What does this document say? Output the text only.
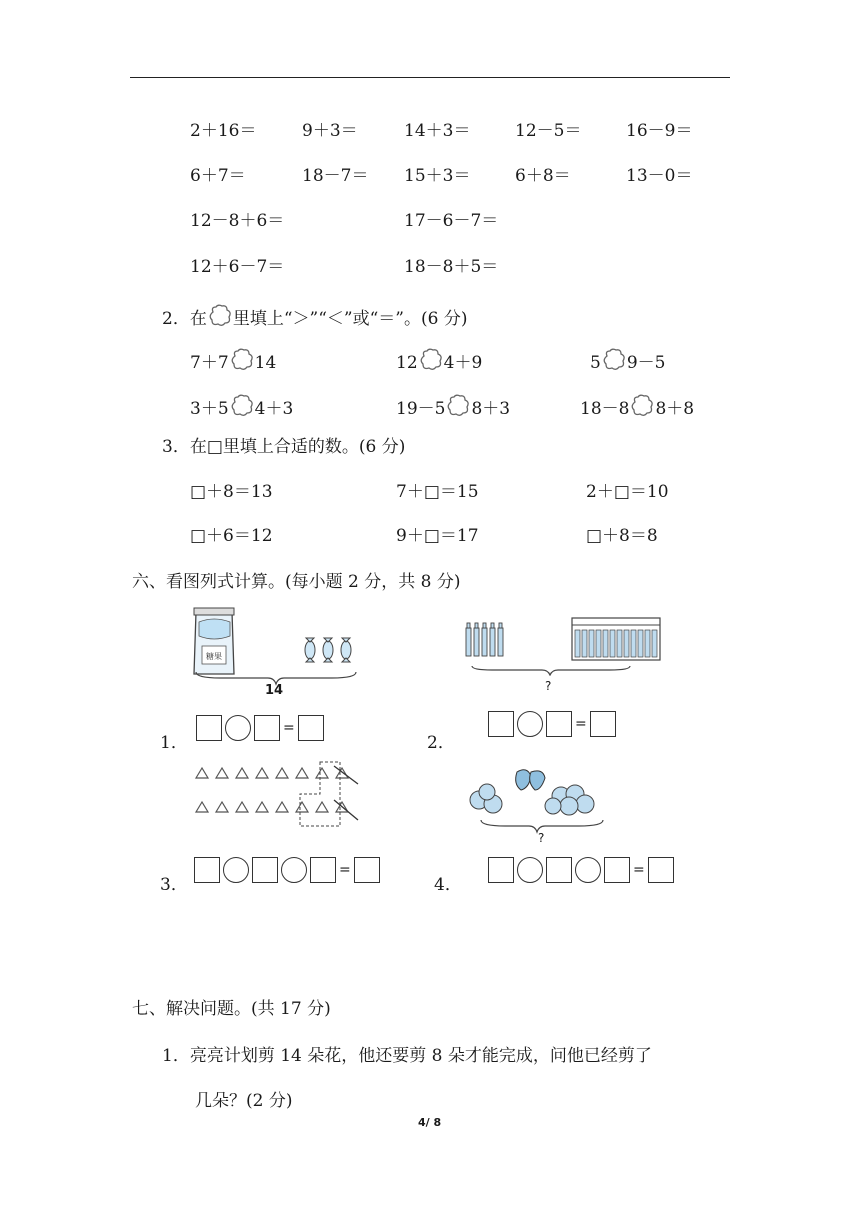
2＋16＝	9＋3＝	14＋3＝	12－5＝	16－9＝
6＋7＝	18－7＝ 15＋3＝	6＋8＝	13－0＝
12－8＋6＝	17－6－7＝
12＋6－7＝	18－8＋5＝
2．在 里填上“＞”“＜”或“＝”。(6 分)
7＋7 14	12 4＋9	5 9－5
3＋5 4＋3	19－5 8＋3	18－8 8＋8
3．在□里填上合适的数。(6 分)
□＋8＝13	7＋□＝15	2＋□＝10
□＋6＝12	9＋□＝17	□＋8＝8
六、看图列式计算。(每小题 2 分，共 8 分)
糖果
14	?
1．
=
2．
=
?
3．
=
4．
=
七、解决问题。(共 17 分)
1．亮亮计划剪 14 朵花，他还要剪 8 朵才能完成，问他已经剪了
几朵？(2 分)
4/ 8
